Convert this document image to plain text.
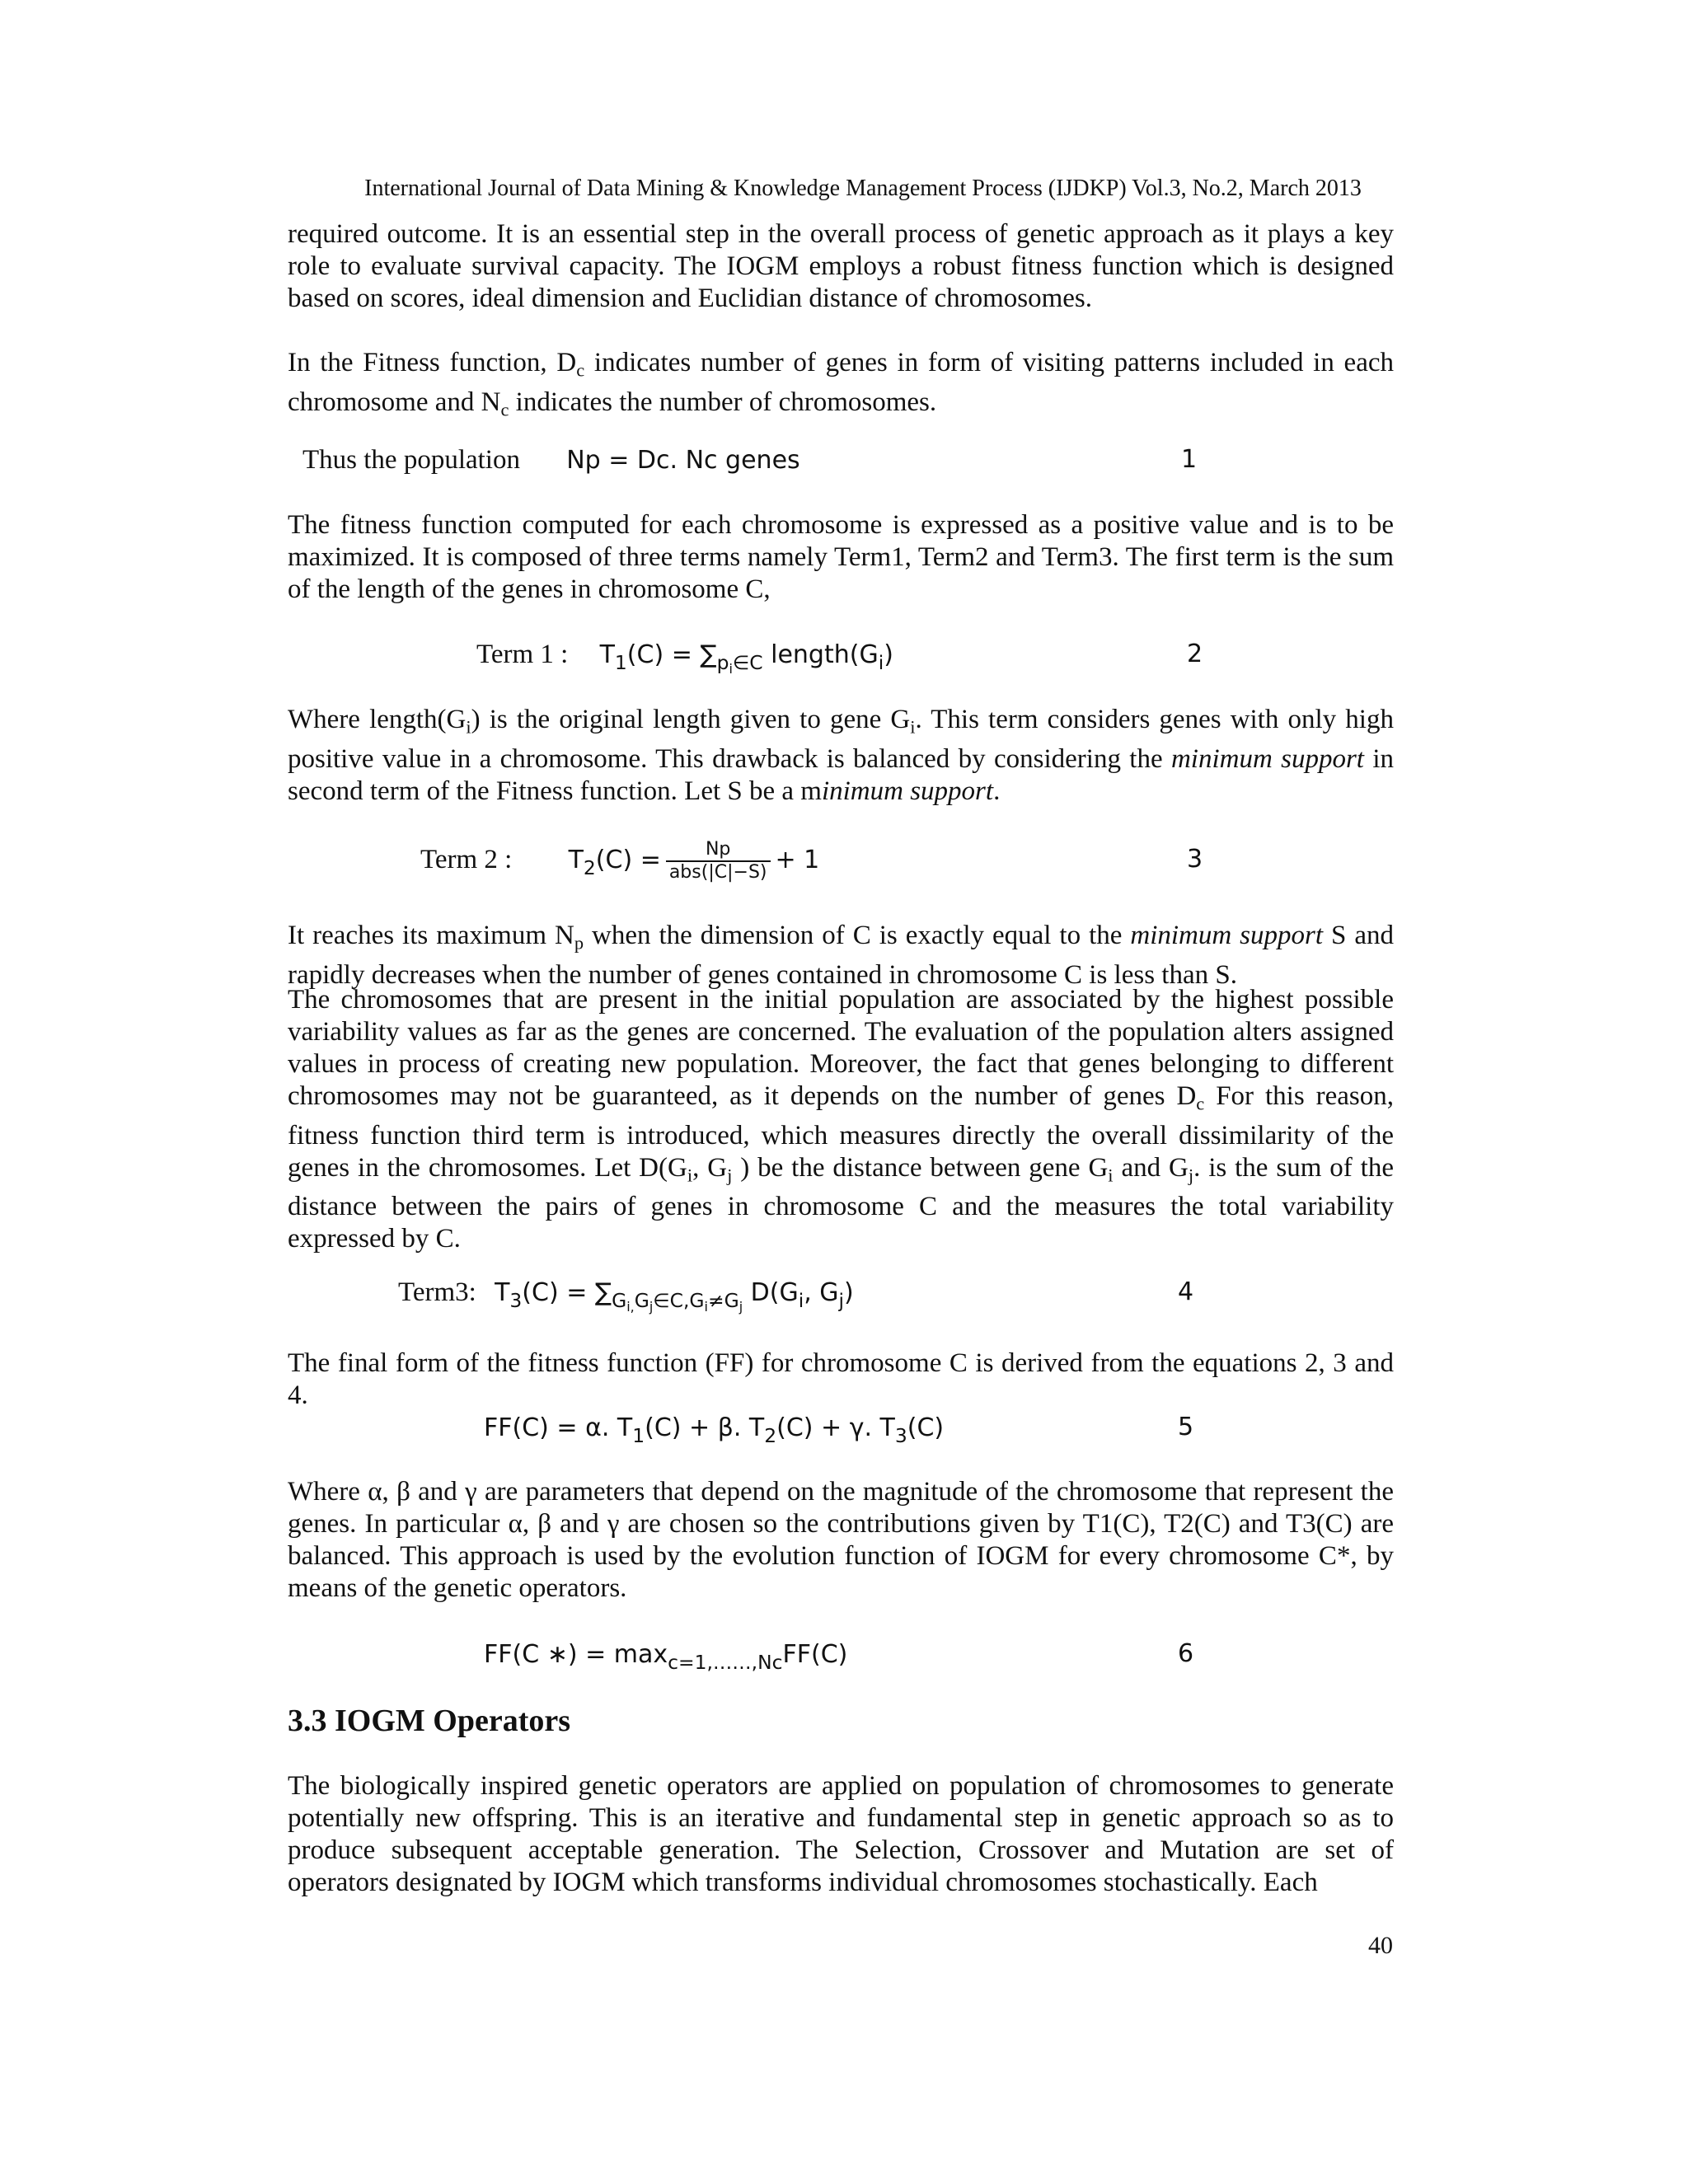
International Journal of Data Mining & Knowledge Management Process (IJDKP) Vol.3, No.2, March 2013

required outcome. It is an essential step in the overall process of genetic approach as it plays a key role to evaluate survival capacity. The IOGM employs a robust fitness function which is designed based on scores, ideal dimension and Euclidian distance of chromosomes.

In the Fitness function, $D_c$ indicates number of genes in form of visiting patterns included in each chromosome and $N_c$ indicates the number of chromosomes.

Thus the population Np = Dc. Nc genes	1

The fitness function computed for each chromosome is expressed as a positive value and is to be maximized. It is composed of three terms namely Term1, Term2 and Term3. The first term is the sum of the length of the genes in chromosome C,

Term 1 : $T_1(C) = \sum_{p_i\in C}$ $length(G_i)$	2

Where $length(G_i)$ is the original length given to gene $G_i$. This term considers genes with only high positive value in a chromosome. This drawback is balanced by considering the minimum support in second term of the Fitness function. Let S be a minimum support.

Term 2 : $T_2(C) = \frac{Np}{\text{abs(|C|−S)}} + 1$	3

It reaches its maximum $N_p$ when the dimension of C is exactly equal to the minimum support S and rapidly decreases when the number of genes contained in chromosome C is less than S.

The chromosomes that are present in the initial population are associated by the highest possible variability values as far as the genes are concerned. The evaluation of the population alters assigned values in process of creating new population. Moreover, the fact that genes belonging to different chromosomes may not be guaranteed, as it depends on the number of genes $D_c$ For this reason, fitness function third term is introduced, which measures directly the overall dissimilarity of the genes in the chromosomes. Let $D(G_i$, $G_j$ ) be the distance between gene $G_i$ and $G_j$. is the sum of the distance between the pairs of genes in chromosome C and the measures the total variability expressed by C.

Term3: $T_3(C) = \sum_{G_{i,}G_j\in C,G_i\ne G_j}$ $D(G_i$, $G_j$)	4

The final form of the fitness function (FF) for chromosome C is derived from the equations 2, 3 and 4.

FF(C) = α. $T_1(C) + \beta$. $T_2(C) + \gamma$. $T_3(C)$	5

Where α, β and γ are parameters that depend on the magnitude of the chromosome that represent the genes. In particular α, β and γ are chosen so the contributions given by T1(C), T2(C) and T3(C) are balanced. This approach is used by the evolution function of IOGM for every chromosome C*, by means of the genetic operators.

FF(C ∗) = $\max_{c=1,\dots\dots,Nc}FF(C)$	6
3.3 IOGM Operators

The biologically inspired genetic operators are applied on population of chromosomes to generate potentially new offspring. This is an iterative and fundamental step in genetic approach so as to produce subsequent acceptable generation. The Selection, Crossover and Mutation are set of operators designated by IOGM which transforms individual chromosomes stochastically. Each

40
